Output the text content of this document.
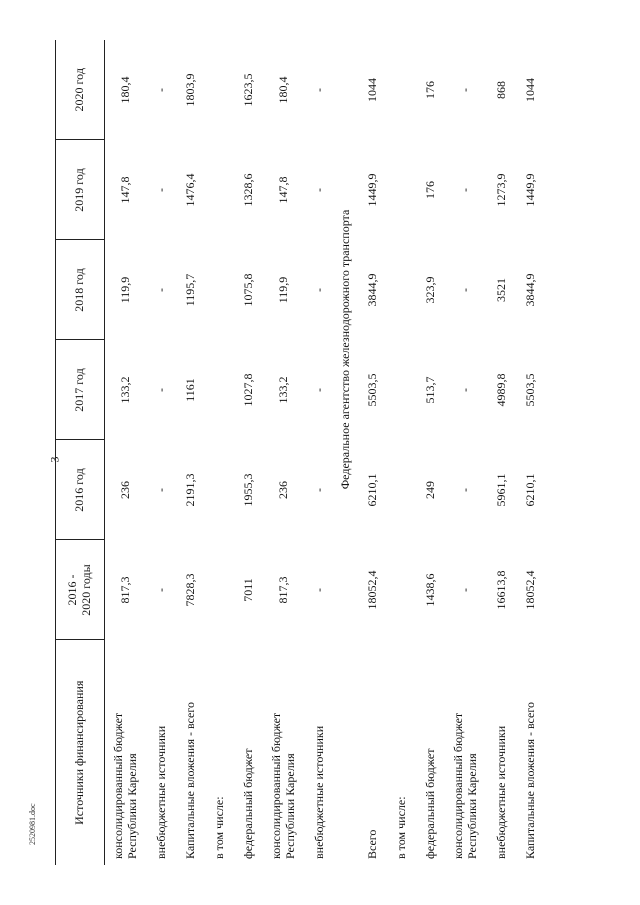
3
2520981.doc	Источники финансирования	2016 -
2020 годы	2016 год	2017 год	2018 год	2019 год	2020 год
консолидированный бюджет
Республики Карелия	817,3	236	133,2	119,9	147,8	180,4
внебюджетные источники	-	-	-	-	-	-
Капитальные вложения - всего	7828,3	2191,3	1161	1195,7	1476,4	1803,9
в том числе:						
федеральный бюджет	7011	1955,3	1027,8	1075,8	1328,6	1623,5
консолидированный бюджет
Республики Карелия	817,3	236	133,2	119,9	147,8	180,4
внебюджетные источники	-	-	-	-	-	-
Федеральное агентство железнодорожного транспорта						
Всего	18052,4	6210,1	5503,5	3844,9	1449,9	1044
в том числе:						
федеральный бюджет	1438,6	249	513,7	323,9	176	176
консолидированный бюджет
Республики Карелия	-	-	-	-	-	-
внебюджетные источники	16613,8	5961,1	4989,8	3521	1273,9	868
Капитальные вложения - всего	18052,4	6210,1	5503,5	3844,9	1449,9	1044
